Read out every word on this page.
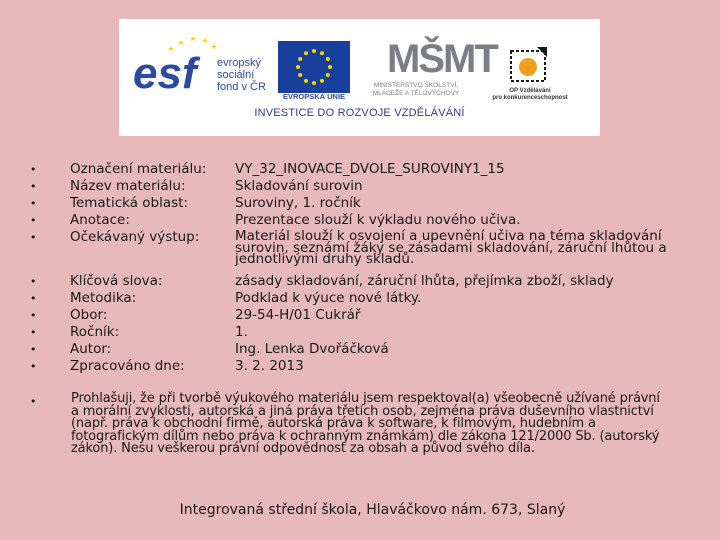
esf evropský
sociální
fond v ČR
EVROPSKÁ UNIE
MŠMT
MINISTERSTVO ŠKOLSTVÍ,
MLÁDEŽE A TĚLOVÝCHOVY	OP Vzdělávání
pro konkurenceschopnost
INVESTICE DO ROZVOJE VZDĚLÁVÁNÍ
• Označení materiálu: VY_32_INOVACE_DVOLE_SUROVINY1_15
• Název materiálu:	Skladování surovin
• Tematická oblast:	Suroviny, 1. ročník
• Anotace:	Prezentace slouží k výkladu nového učiva.
• Očekávaný výstup:	Materiál slouží k osvojení a upevnění učiva na téma skladování surovin, seznámí žáky se zásadami skladování, záruční lhůtou a jednotlivými druhy skladů.
• Klíčová slova:	zásady skladování, záruční lhůta, přejímka zboží, sklady
• Metodika:	Podklad k výuce nové látky.
• Obor:	29-54-H/01 Cukrář
• Ročník:	1.
• Autor:	Ing. Lenka Dvořáčková
• Zpracováno dne:	3. 2. 2013
•	Prohlašuji, že při tvorbě výukového materiálu jsem respektoval(a) všeobecně užívané právní a morální zvyklosti, autorská a jiná práva třetích osob, zejména práva duševního vlastnictví (např. práva k obchodní firmě, autorská práva k software, k filmovým, hudebním a fotografickým dílům nebo práva k ochranným známkám) dle zákona 121/2000 Sb. (autorský zákon). Nesu veškerou právní odpovědnost za obsah a původ svého díla.
Integrovaná střední škola, Hlaváčkovo nám. 673, Slaný
